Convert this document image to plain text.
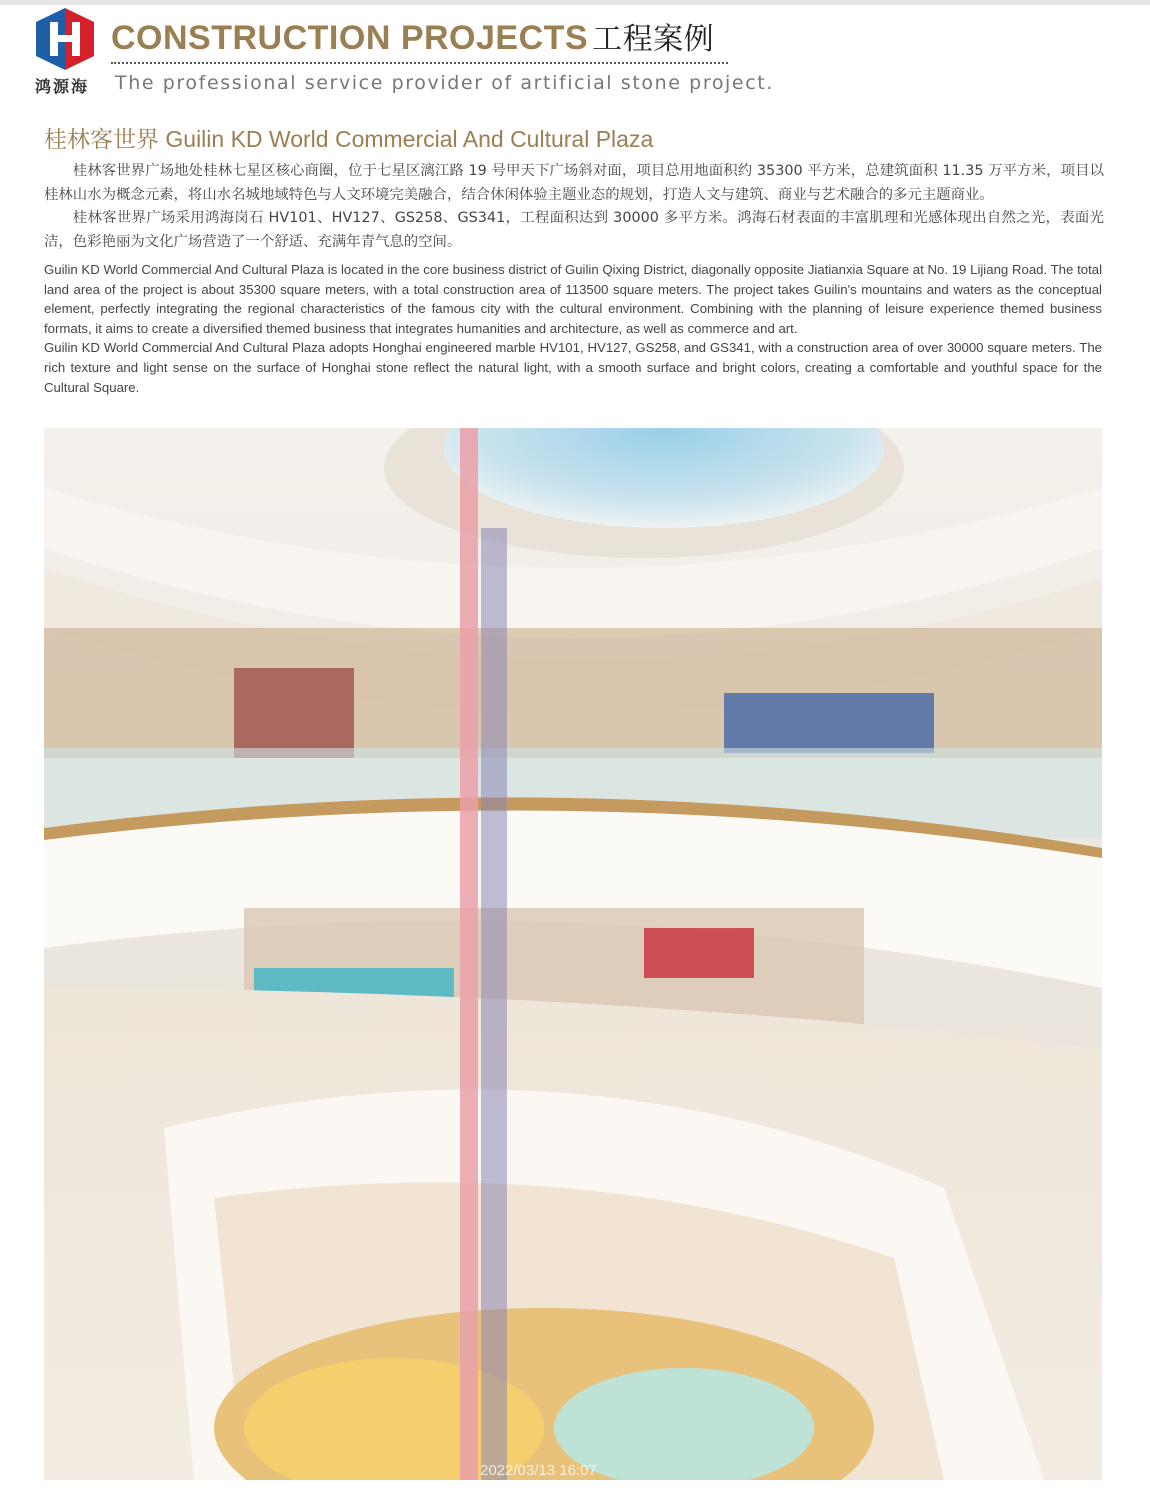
鸿源海
CONSTRUCTION PROJECTS 工程案例
The professional service provider of artificial stone project.
桂林客世界 Guilin KD World Commercial And Cultural Plaza

桂林客世界广场地处桂林七星区核心商圈，位于七星区漓江路 19 号甲天下广场斜对面，项目总用地面积约 35300 平方米，总建筑面积 11.35 万平方米，项目以桂林山水为概念元素，将山水名城地域特色与人文环境完美融合，结合休闲体验主题业态的规划，打造人文与建筑、商业与艺术融合的多元主题商业。

桂林客世界广场采用鸿海岗石 HV101、HV127、GS258、GS341，工程面积达到 30000 多平方米。鸿海石材表面的丰富肌理和光感体现出自然之光，表面光洁，色彩艳丽为文化广场营造了一个舒适、充满年青气息的空间。

Guilin KD World Commercial And Cultural Plaza is located in the core business district of Guilin Qixing District, diagonally opposite Jiatianxia Square at No. 19 Lijiang Road. The total land area of the project is about 35300 square meters, with a total construction area of 113500 square meters. The project takes Guilin's mountains and waters as the conceptual element, perfectly integrating the regional characteristics of the famous city with the cultural environment. Combining with the planning of leisure experience themed business formats, it aims to create a diversified themed business that integrates humanities and architecture, as well as commerce and art.

Guilin KD World Commercial And Cultural Plaza adopts Honghai engineered marble HV101, HV127, GS258, and GS341, with a construction area of over 30000 square meters. The rich texture and light sense on the surface of Honghai stone reflect the natural light, with a smooth surface and bright colors, creating a comfortable and youthful space for the Cultural Square.

2022/03/13 16:07
